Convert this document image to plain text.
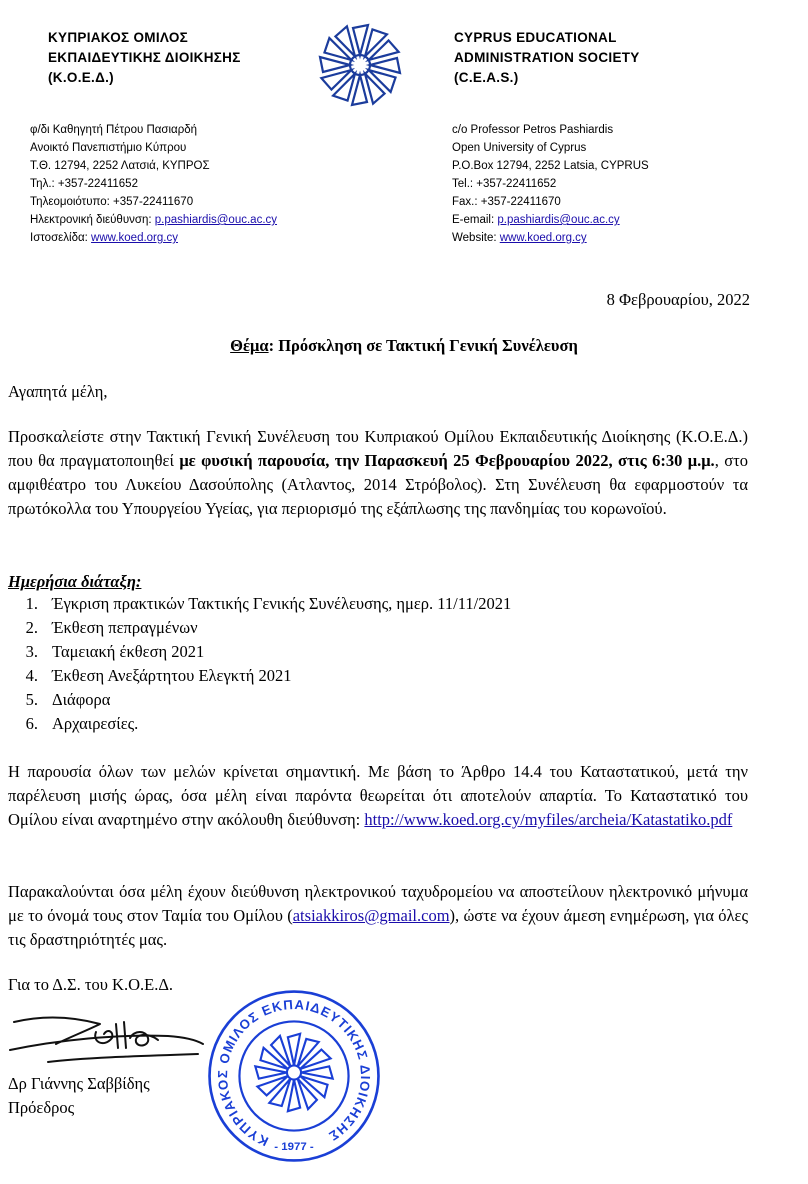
ΚΥΠΡΙΑΚΟΣ ΟΜΙΛΟΣ
ΕΚΠΑΙΔΕΥΤΙΚΗΣ ΔΙΟΙΚΗΣΗΣ
(Κ.Ο.Ε.Δ.)
CYPRUS EDUCATIONAL
ADMINISTRATION SOCIETY
(C.E.A.S.)
φ/δι Καθηγητή Πέτρου Πασιαρδή
Ανοικτό Πανεπιστήμιο Κύπρου
Τ.Θ. 12794, 2252 Λατσιά, ΚΥΠΡΟΣ
Τηλ.: +357-22411652
Τηλεομοιότυπο: +357-22411670
Ηλεκτρονική διεύθυνση: p.pashiardis@ouc.ac.cy
Ιστοσελίδα: www.koed.org.cy
c/o Professor Petros Pashiardis
Open University of Cyprus
P.O.Box 12794, 2252 Latsia, CYPRUS
Tel.: +357-22411652
Fax.: +357-22411670
E-email: p.pashiardis@ouc.ac.cy
Website: www.koed.org.cy
8 Φεβρουαρίου, 2022
Θέμα: Πρόσκληση σε Τακτική Γενική Συνέλευση
Αγαπητά μέλη,
Προσκαλείστε στην Τακτική Γενική Συνέλευση του Κυπριακού Ομίλου Εκπαιδευτικής Διοίκησης (Κ.Ο.Ε.Δ.) που θα πραγματοποιηθεί με φυσική παρουσία, την Παρασκευή 25 Φεβρουαρίου 2022, στις 6:30 μ.μ., στο αμφιθέατρο του Λυκείου Δασούπολης (Ατλαντος, 2014 Στρόβολος). Στη Συνέλευση θα εφαρμοστούν τα πρωτόκολλα του Υπουργείου Υγείας, για περιορισμό της εξάπλωσης της πανδημίας του κορωνοϊού.
Ημερήσια διάταξη:
1. Έγκριση πρακτικών Τακτικής Γενικής Συνέλευσης, ημερ. 11/11/2021
2. Έκθεση πεπραγμένων
3. Ταμειακή έκθεση 2021
4. Έκθεση Ανεξάρτητου Ελεγκτή 2021
5. Διάφορα
6. Αρχαιρεσίες.
Η παρουσία όλων των μελών κρίνεται σημαντική. Με βάση το Άρθρο 14.4 του Καταστατικού, μετά την παρέλευση μισής ώρας, όσα μέλη είναι παρόντα θεωρείται ότι αποτελούν απαρτία. Το Καταστατικό του Ομίλου είναι αναρτημένο στην ακόλουθη διεύθυνση: http://www.koed.org.cy/myfiles/archeia/Katastatiko.pdf
Παρακαλούνται όσα μέλη έχουν διεύθυνση ηλεκτρονικού ταχυδρομείου να αποστείλουν ηλεκτρονικό μήνυμα με το όνομά τους στον Ταμία του Ομίλου (atsiakkiros@gmail.com), ώστε να έχουν άμεση ενημέρωση, για όλες τις δραστηριότητές μας.
Για το Δ.Σ. του Κ.Ο.Ε.Δ.
Δρ Γιάννης Σαββίδης
Πρόεδρος
ΚΥΠΡΙΑΚΟΣ ΟΜΙΛΟΣ ΕΚΠΑΙΔΕΥΤΙΚΗΣ ΔΙΟΙΚΗΣΗΣ
- 1977 -
